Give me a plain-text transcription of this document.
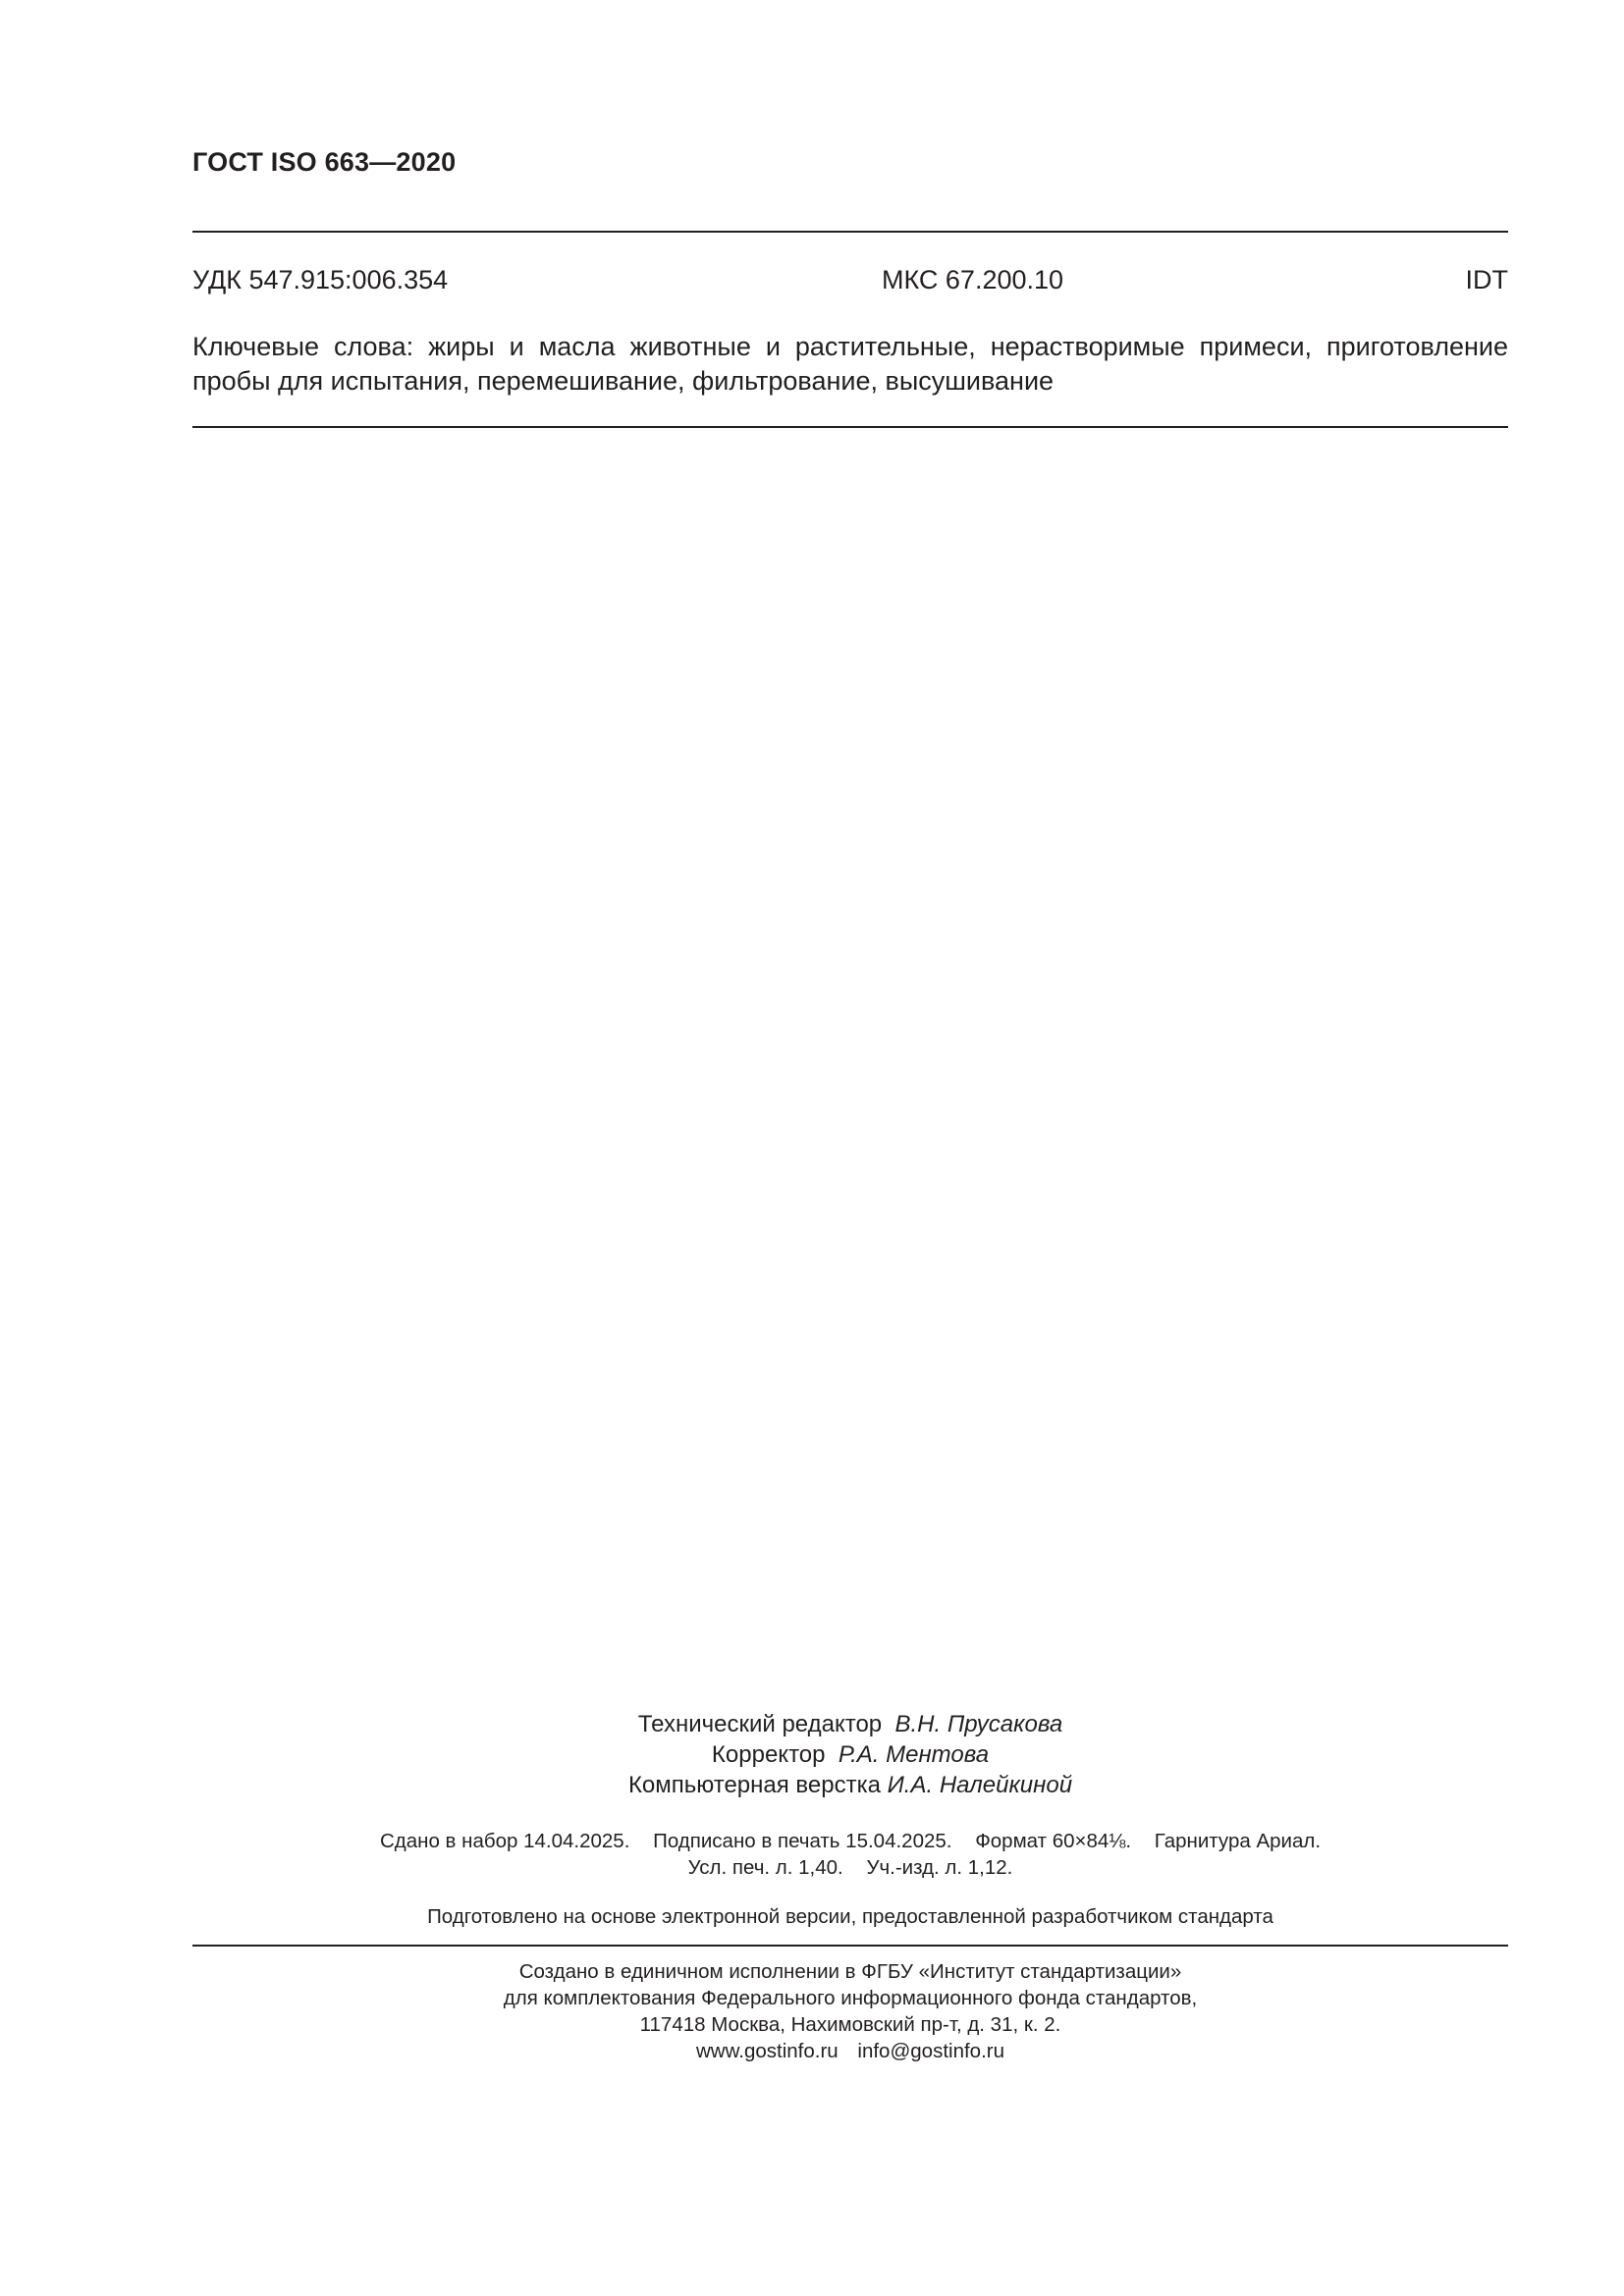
ГОСТ ISO 663—2020
УДК 547.915:006.354	МКС 67.200.10	IDT
Ключевые слова: жиры и масла животные и растительные, нерастворимые примеси, приготовление
пробы для испытания, перемешивание, фильтрование, высушивание
Технический редактор В.Н. Прусакова
Корректор Р.А. Ментова
Компьютерная верстка И.А. Налейкиной
Сдано в набор 14.04.2025. Подписано в печать 15.04.2025. Формат 60×84⅛. Гарнитура Ариал.
Усл. печ. л. 1,40. Уч.-изд. л. 1,12.
Подготовлено на основе электронной версии, предоставленной разработчиком стандарта
Создано в единичном исполнении в ФГБУ «Институт стандартизации»
для комплектования Федерального информационного фонда стандартов,
117418 Москва, Нахимовский пр-т, д. 31, к. 2.
www.gostinfo.ru info@gostinfo.ru
